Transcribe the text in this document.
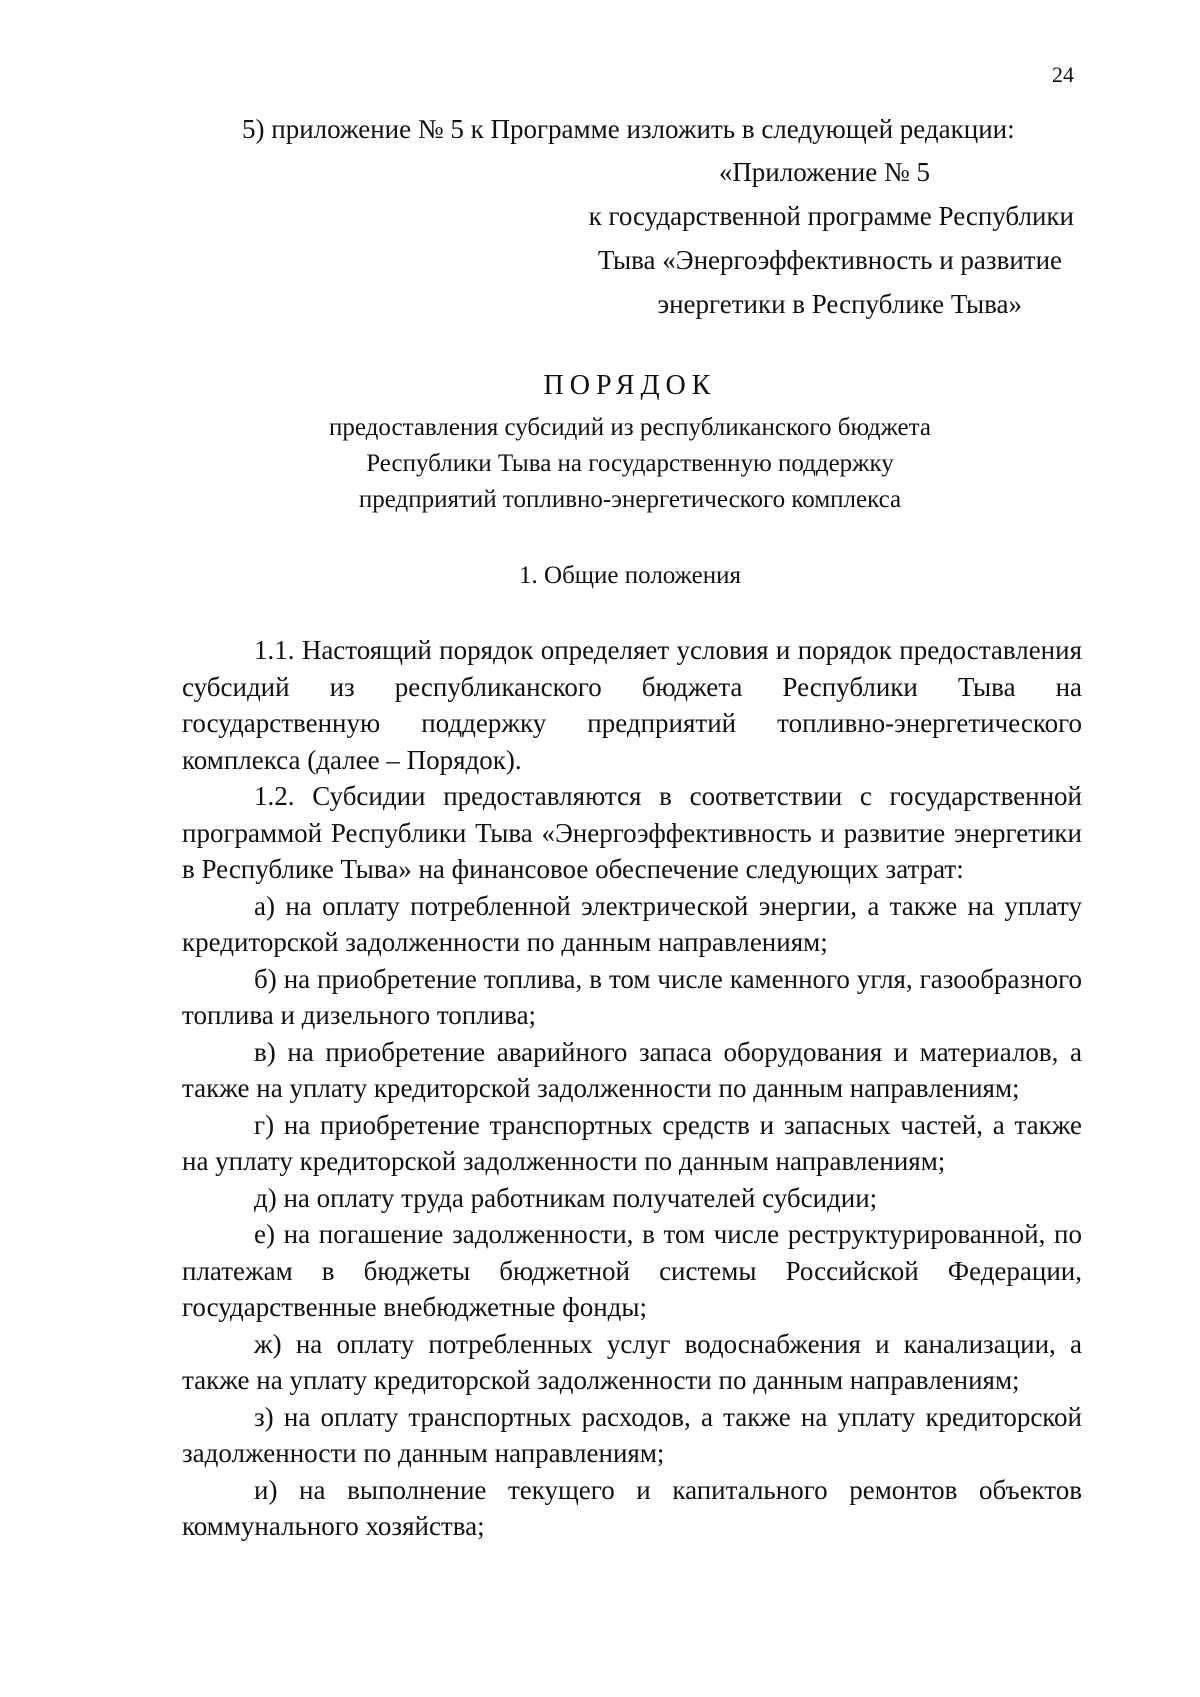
24
5) приложение № 5 к Программе изложить в следующей редакции:
«Приложение № 5
к государственной программе Республики
Тыва «Энергоэффективность и развитие
энергетики в Республике Тыва»
ПОРЯДОК
предоставления субсидий из республиканского бюджета
Республики Тыва на государственную поддержку
предприятий топливно-энергетического комплекса
1. Общие положения

1.1. Настоящий порядок определяет условия и порядок предоставления субсидий из республиканского бюджета Республики Тыва на государственную поддержку предприятий топливно-энергетического комплекса (далее – Порядок).

1.2. Субсидии предоставляются в соответствии с государственной программой Республики Тыва «Энергоэффективность и развитие энергетики в Республике Тыва» на финансовое обеспечение следующих затрат:

а) на оплату потребленной электрической энергии, а также на уплату кредиторской задолженности по данным направлениям;

б) на приобретение топлива, в том числе каменного угля, газообразного топлива и дизельного топлива;

в) на приобретение аварийного запаса оборудования и материалов, а также на уплату кредиторской задолженности по данным направлениям;

г) на приобретение транспортных средств и запасных частей, а также на уплату кредиторской задолженности по данным направлениям;

д) на оплату труда работникам получателей субсидии;

е) на погашение задолженности, в том числе реструктурированной, по платежам в бюджеты бюджетной системы Российской Федерации, государственные внебюджетные фонды;

ж) на оплату потребленных услуг водоснабжения и канализации, а также на уплату кредиторской задолженности по данным направлениям;

з) на оплату транспортных расходов, а также на уплату кредиторской задолженности по данным направлениям;

и) на выполнение текущего и капитального ремонтов объектов коммунального хозяйства;
